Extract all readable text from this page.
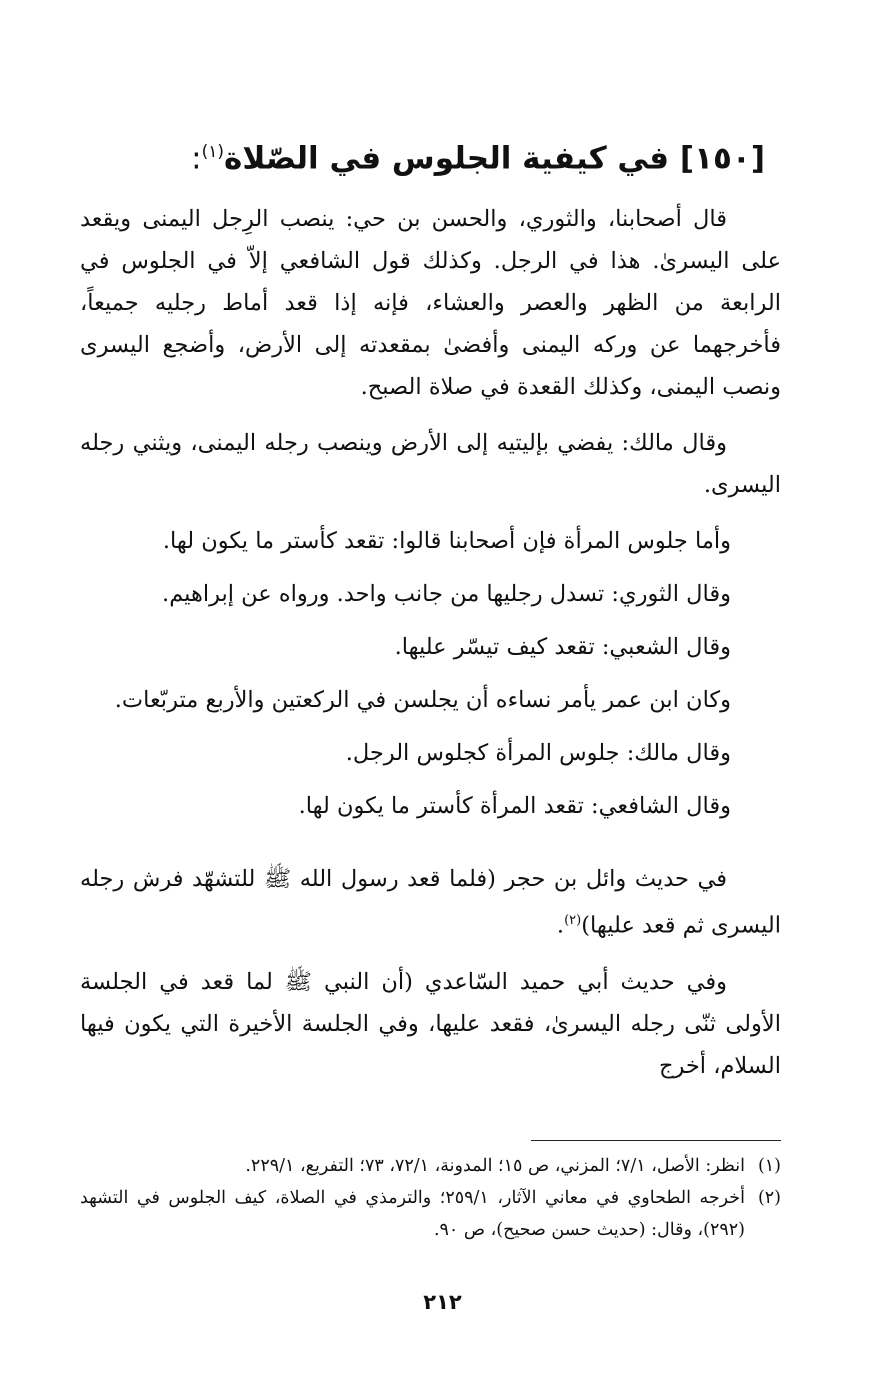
[١٥٠] في كيفية الجلوس في الصّلاة$^{(١)}$:

قال أصحابنا، والثوري، والحسن بن حي: ينصب الرِجل اليمنى ويقعد على اليسرىٰ. هذا في الرجل. وكذلك قول الشافعي إلاّ في الجلوس في الرابعة من الظهر والعصر والعشاء، فإنه إذا قعد أماط رجليه جميعاً، فأخرجهما عن وركه اليمنى وأفضىٰ بمقعدته إلى الأرض، وأضجع اليسرى ونصب اليمنى، وكذلك القعدة في صلاة الصبح.

وقال مالك: يفضي بإليتيه إلى الأرض وينصب رجله اليمنى، ويثني رجله اليسرى.

وأما جلوس المرأة فإن أصحابنا قالوا: تقعد كأستر ما يكون لها.

وقال الثوري: تسدل رجليها من جانب واحد. ورواه عن إبراهيم.

وقال الشعبي: تقعد كيف تيسّر عليها.

وكان ابن عمر يأمر نساءه أن يجلسن في الركعتين والأربع متربّعات.

وقال مالك: جلوس المرأة كجلوس الرجل.

وقال الشافعي: تقعد المرأة كأستر ما يكون لها.

في حديث وائل بن حجر (فلما قعد رسول الله ﷺ للتشهّد فرش رجله اليسرى ثم قعد عليها)$^{(٢)}$.

وفي حديث أبي حميد السّاعدي (أن النبي ﷺ لما قعد في الجلسة الأولى ثنّى رجله اليسرىٰ، فقعد عليها، وفي الجلسة الأخيرة التي يكون فيها السلام، أخرج

(١)
انظر: الأصل، ٧/١؛ المزني، ص ١٥؛ المدونة، ٧٢/١، ٧٣؛ التفريع، ٢٢٩/١.
(٢)
أخرجه الطحاوي في معاني الآثار، ٢٥٩/١؛ والترمذي في الصلاة، كيف الجلوس في التشهد (٢٩٢)، وقال: (حديث حسن صحيح)، ص ٩٠.
٢١٢
